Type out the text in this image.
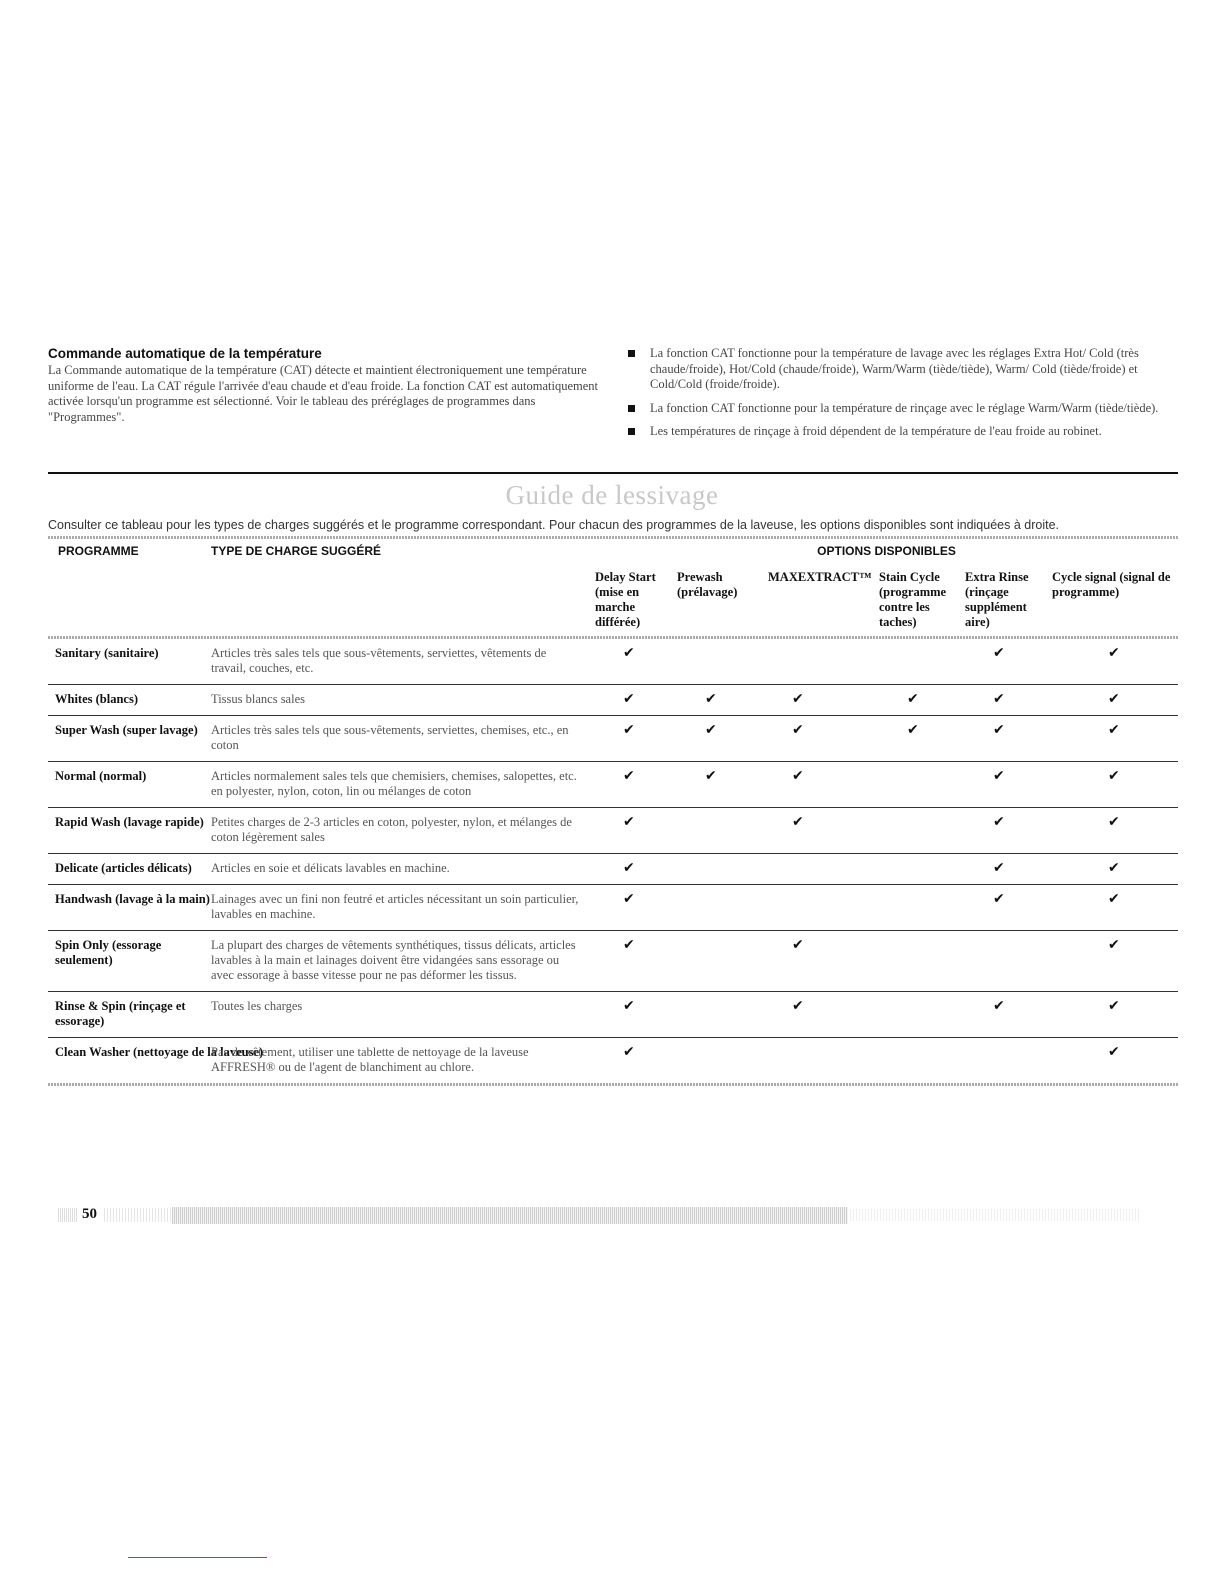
Commande automatique de la température

La Commande automatique de la température (CAT) détecte et maintient électroniquement une température uniforme de l'eau. La CAT régule l'arrivée d'eau chaude et d'eau froide. La fonction CAT est automatiquement activée lorsqu'un programme est sélectionné. Voir le tableau des préréglages de programmes dans "Programmes".

La fonction CAT fonctionne pour la température de lavage avec les réglages Extra Hot/ Cold (très chaude/froide), Hot/Cold (chaude/froide), Warm/Warm (tiède/tiède), Warm/ Cold (tiède/froide) et Cold/Cold (froide/froide).
La fonction CAT fonctionne pour la température de rinçage avec le réglage Warm/Warm (tiède/tiède).
Les températures de rinçage à froid dépendent de la température de l'eau froide au robinet.
Guide de lessivage
Consulter ce tableau pour les types de charges suggérés et le programme correspondant. Pour chacun des programmes de la laveuse, les options disponibles sont indiquées à droite.
PROGRAMME	TYPE DE CHARGE SUGGÉRÉ	OPTIONS DISPONIBLES					
		Delay Start (mise en marche différée)	Prewash (prélavage)	MAXEXTRACT™	Stain Cycle (programme contre les taches)	Extra Rinse (rinçage supplément aire)	Cycle signal (signal de programme)

Sanitary (sanitaire)	Articles très sales tels que sous-vêtements, serviettes, vêtements de travail, couches, etc.	✔				✔	✔
Whites (blancs)	Tissus blancs sales	✔	✔	✔	✔	✔	✔
Super Wash (super lavage)	Articles très sales tels que sous-vêtements, serviettes, chemises, etc., en coton	✔	✔	✔	✔	✔	✔
Normal (normal)	Articles normalement sales tels que chemisiers, chemises, salopettes, etc. en polyester, nylon, coton, lin ou mélanges de coton	✔	✔	✔		✔	✔
Rapid Wash (lavage rapide)	Petites charges de 2-3 articles en coton, polyester, nylon, et mélanges de coton légèrement sales	✔		✔		✔	✔
Delicate (articles délicats)	Articles en soie et délicats lavables en machine.	✔				✔	✔
Handwash (lavage à la main)	Lainages avec un fini non feutré et articles nécessitant un soin particulier, lavables en machine.	✔				✔	✔
Spin Only (essorage seulement)	La plupart des charges de vêtements synthétiques, tissus délicats, articles lavables à la main et lainages doivent être vidangées sans essorage ou avec essorage à basse vitesse pour ne pas déformer les tissus.	✔		✔			✔
Rinse & Spin (rinçage et essorage)	Toutes les charges	✔		✔		✔	✔
Clean Washer (nettoyage de la laveuse)	Pas de vêtement, utiliser une tablette de nettoyage de la laveuse AFFRESH® ou de l'agent de blanchiment au chlore.	✔					✔

50
